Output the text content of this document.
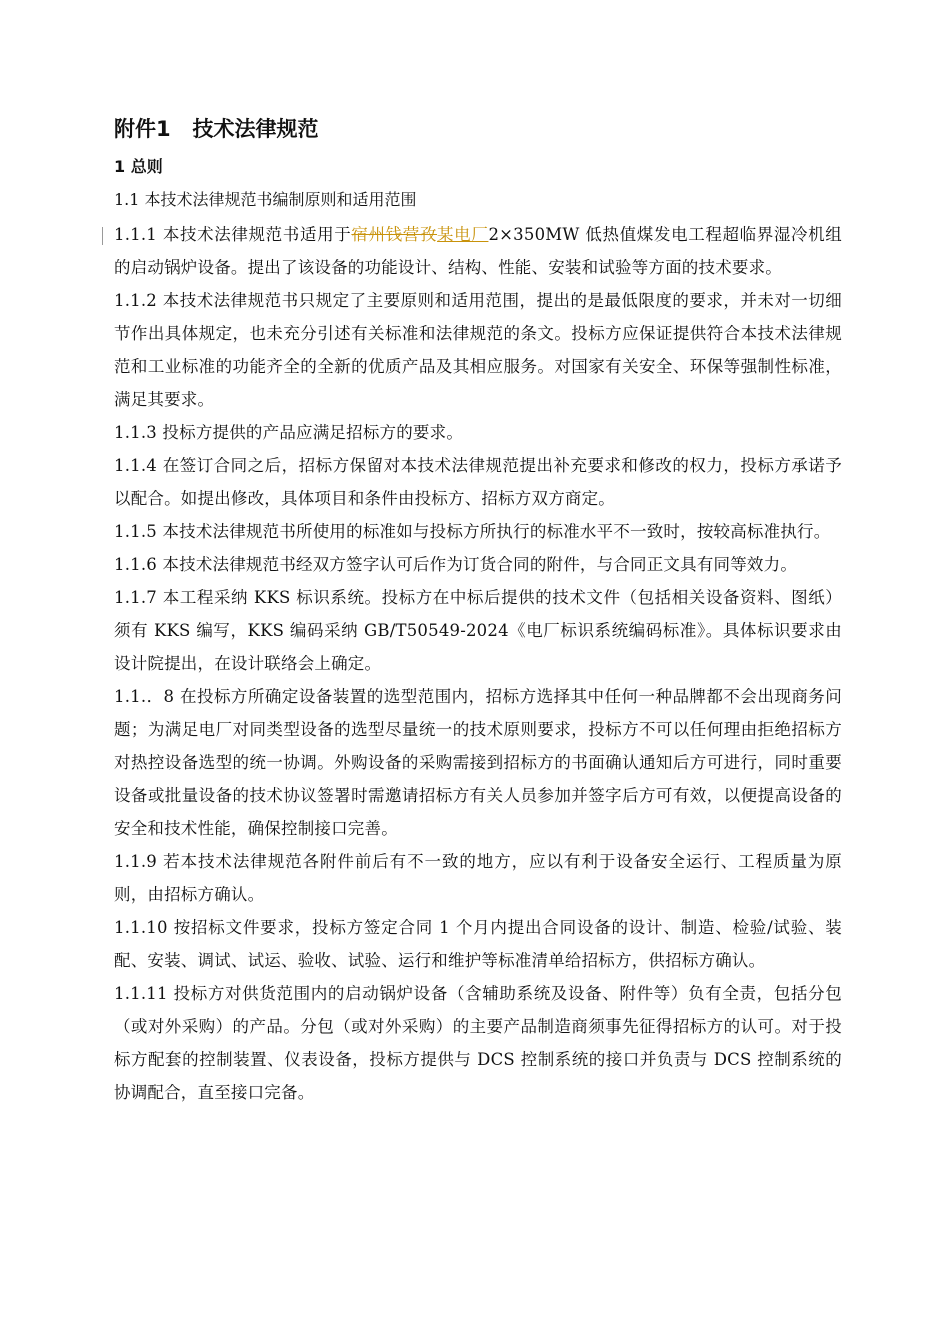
附件1   技术法律规范
1 总则
1.1 本技术法律规范书编制原则和适用范围

1.1.1 本技术法律规范书适用于宿州钱营孜某电厂2×350MW 低热值煤发电工程超临界湿冷机组的启动锅炉设备。提出了该设备的功能设计、结构、性能、安装和试验等方面的技术要求。

1.1.2 本技术法律规范书只规定了主要原则和适用范围，提出的是最低限度的要求，并未对一切细节作出具体规定，也未充分引述有关标准和法律规范的条文。投标方应保证提供符合本技术法律规范和工业标准的功能齐全的全新的优质产品及其相应服务。对国家有关安全、环保等强制性标准，满足其要求。

1.1.3 投标方提供的产品应满足招标方的要求。

1.1.4 在签订合同之后，招标方保留对本技术法律规范提出补充要求和修改的权力，投标方承诺予以配合。如提出修改，具体项目和条件由投标方、招标方双方商定。

1.1.5 本技术法律规范书所使用的标准如与投标方所执行的标准水平不一致时，按较高标准执行。

1.1.6 本技术法律规范书经双方签字认可后作为订货合同的附件，与合同正文具有同等效力。

1.1.7 本工程采纳 KKS 标识系统。投标方在中标后提供的技术文件（包括相关设备资料、图纸）须有 KKS 编写，KKS 编码采纳 GB/T50549-2024《电厂标识系统编码标准》。具体标识要求由设计院提出，在设计联络会上确定。

1.1.．8 在投标方所确定设备装置的选型范围内，招标方选择其中任何一种品牌都不会出现商务问题；为满足电厂对同类型设备的选型尽量统一的技术原则要求，投标方不可以任何理由拒绝招标方对热控设备选型的统一协调。外购设备的采购需接到招标方的书面确认通知后方可进行，同时重要设备或批量设备的技术协议签署时需邀请招标方有关人员参加并签字后方可有效，以便提高设备的安全和技术性能，确保控制接口完善。

1.1.9 若本技术法律规范各附件前后有不一致的地方，应以有利于设备安全运行、工程质量为原则，由招标方确认。

1.1.10 按招标文件要求，投标方签定合同 1 个月内提出合同设备的设计、制造、检验/试验、装配、安装、调试、试运、验收、试验、运行和维护等标准清单给招标方，供招标方确认。

1.1.11 投标方对供货范围内的启动锅炉设备（含辅助系统及设备、附件等）负有全责，包括分包（或对外采购）的产品。分包（或对外采购）的主要产品制造商须事先征得招标方的认可。对于投标方配套的控制装置、仪表设备，投标方提供与 DCS 控制系统的接口并负责与 DCS 控制系统的协调配合，直至接口完备。
